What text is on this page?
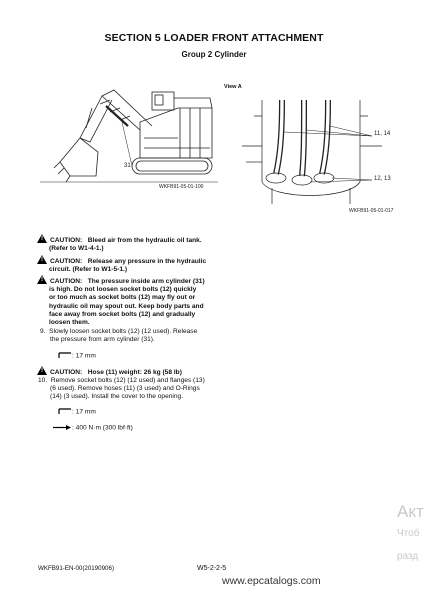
SECTION 5 LOADER FRONT ATTACHMENT
Group 2 Cylinder
31
WKFB91-05-01-100
View A
11, 14
12, 13
WKFB91-05-01-017
!CAUTION: Bleed air from the hydraulic oil tank.
(Refer to W1-4-1.)
!CAUTION: Release any pressure in the hydraulic
circuit. (Refer to W1-5-1.)
!CAUTION: The pressure inside arm cylinder (31)
is high. Do not loosen socket bolts (12) quickly
or too much as socket bolts (12) may fly out or
hydraulic oil may spout out. Keep body parts and
face away from socket bolts (12) and gradually
loosen them.
9. Slowly loosen socket bolts (12) (12 used). Release
the pressure from arm cylinder (31).
: 17 mm
!CAUTION: Hose (11) weight: 26 kg (58 lb)
10. Remove socket bolts (12) (12 used) and flanges (13)
(6 used). Remove hoses (11) (3 used) and O-Rings
(14) (3 used). Install the cover to the opening.
: 17 mm
: 400 N·m (300 lbf·ft)
WKFB91-EN-00(20190906)	W5-2-2-5
www.epcatalogs.com
Акт
Чтоб
разд
